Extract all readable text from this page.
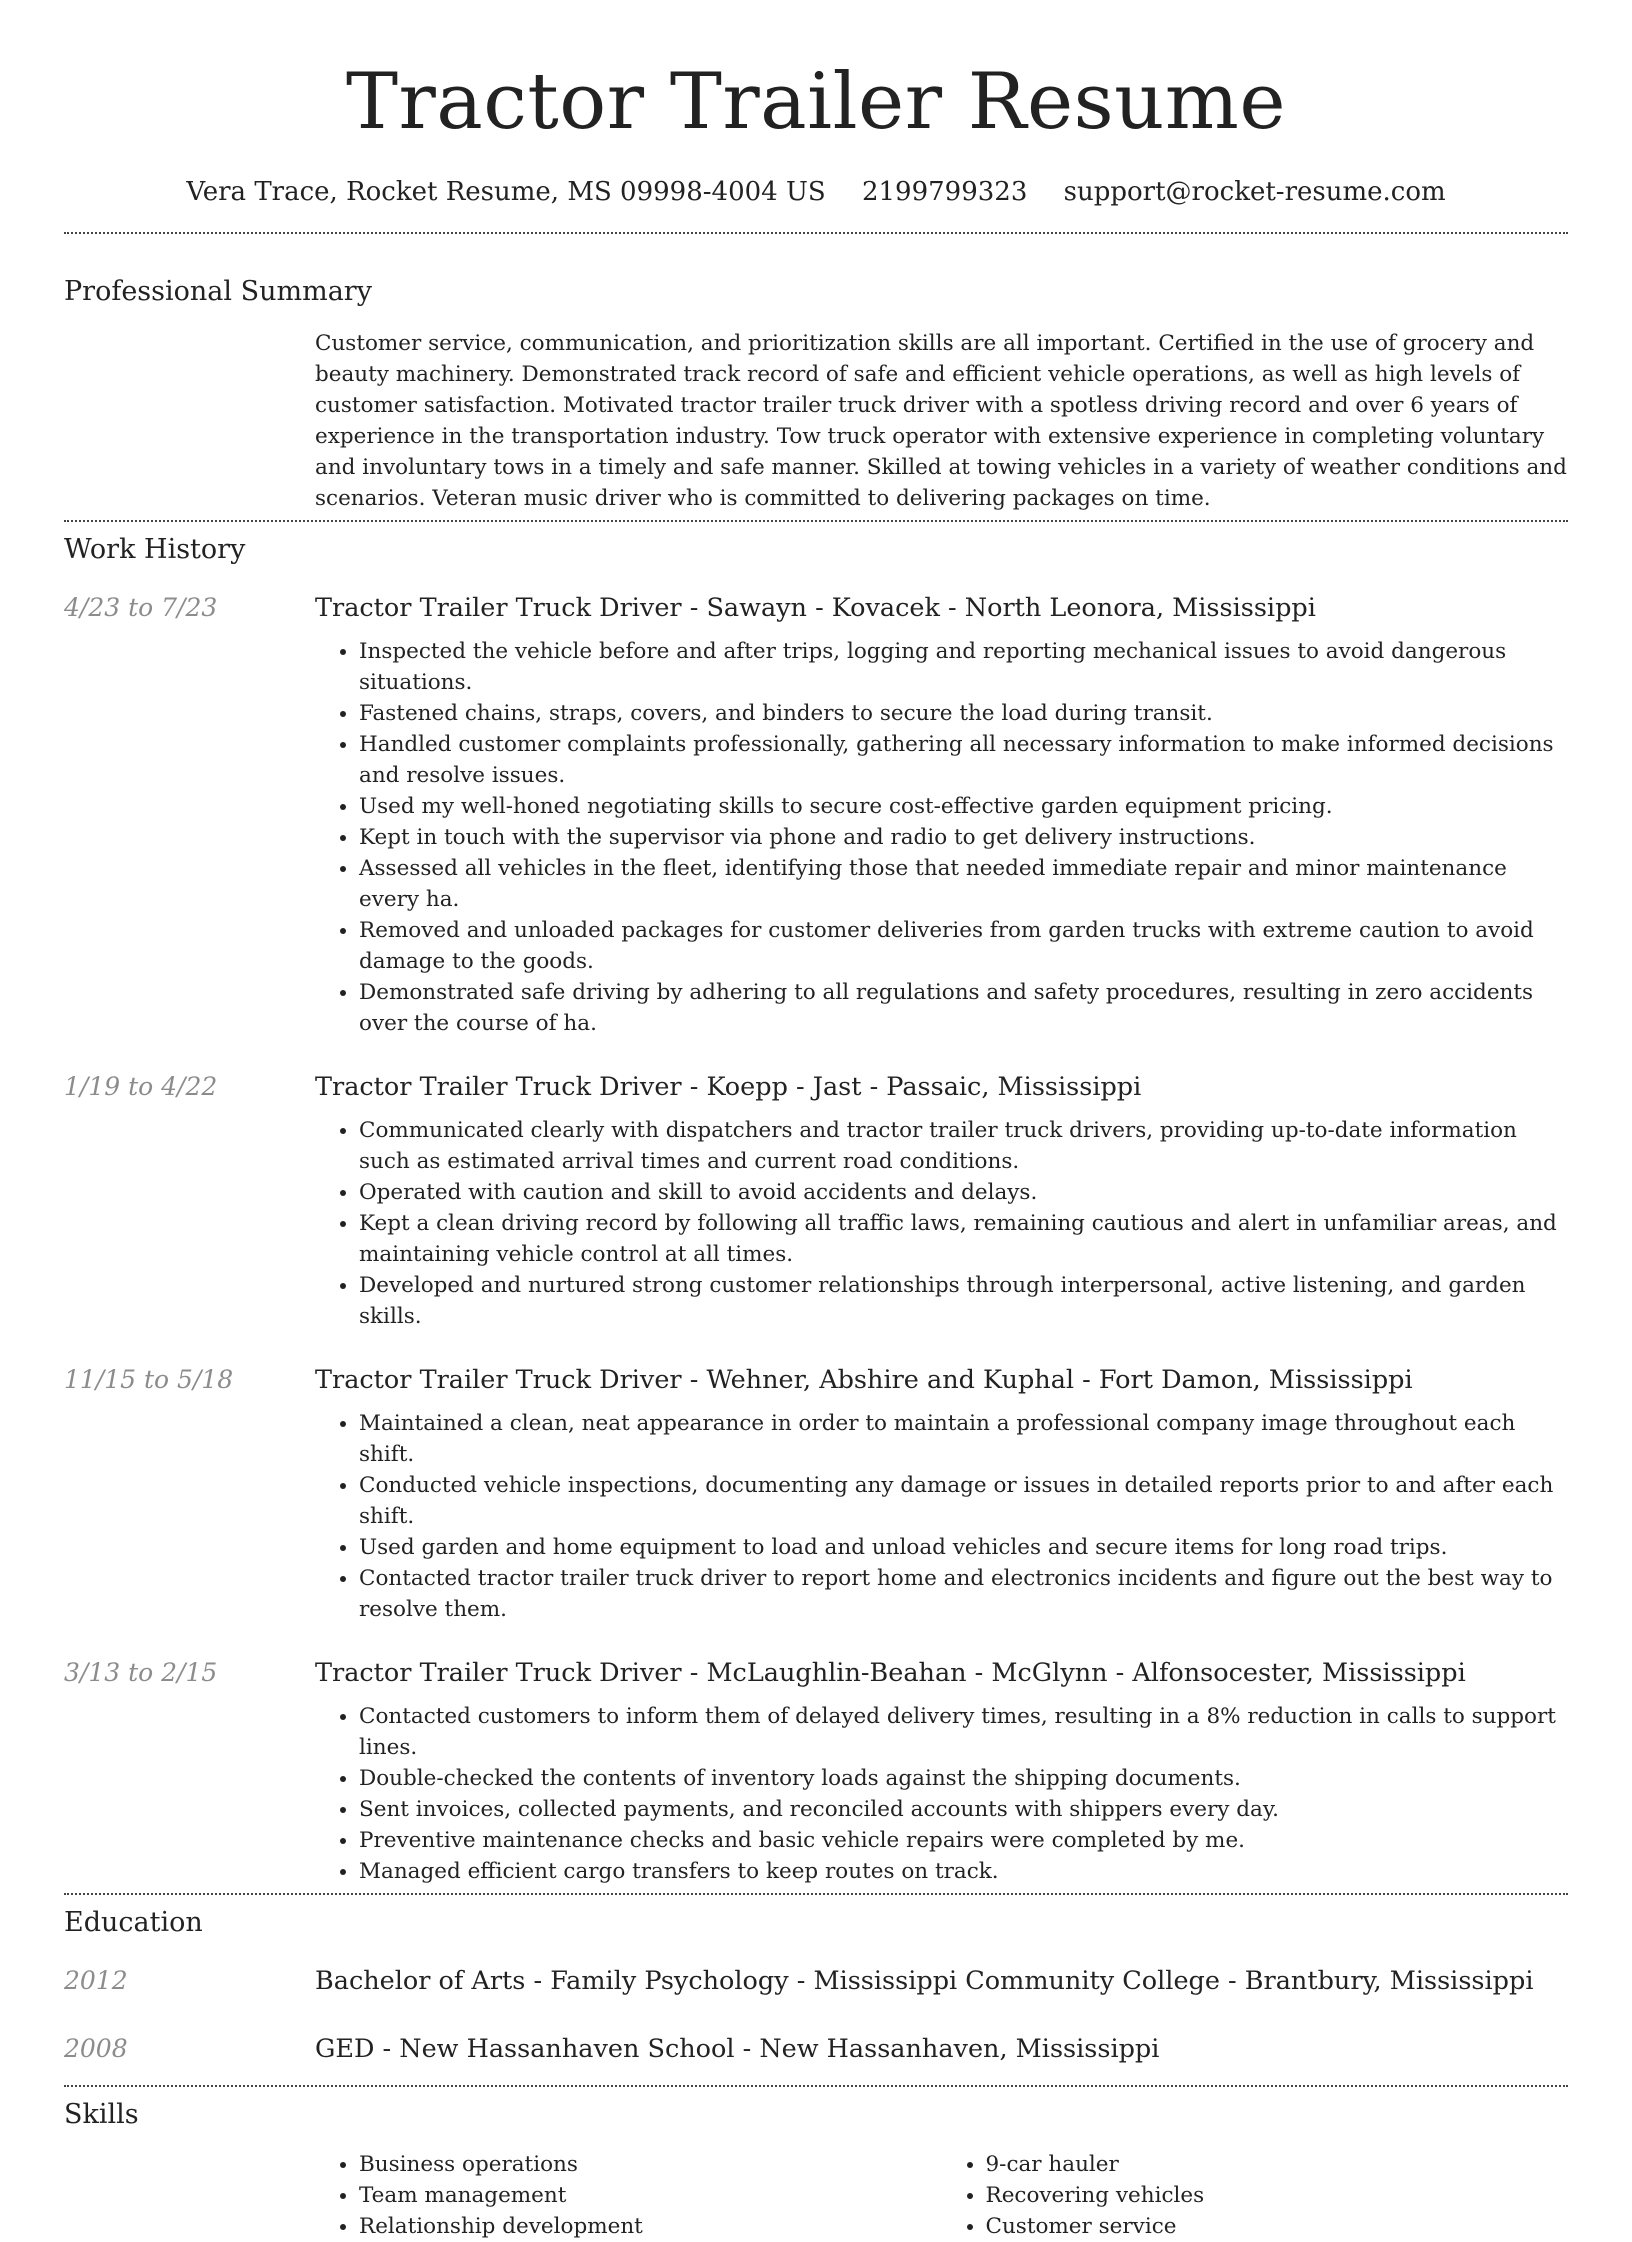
Tractor Trailer Resume
Vera Trace, Rocket Resume, MS 09998-4004 US 2199799323 support@rocket-resume.com
Professional Summary
Customer service, communication, and prioritization skills are all important. Certified in the use of grocery and beauty machinery. Demonstrated track record of safe and efficient vehicle operations, as well as high levels of customer satisfaction. Motivated tractor trailer truck driver with a spotless driving record and over 6 years of experience in the transportation industry. Tow truck operator with extensive experience in completing voluntary and involuntary tows in a timely and safe manner. Skilled at towing vehicles in a variety of weather conditions and scenarios. Veteran music driver who is committed to delivering packages on time.
Work History
4/23 to 7/23	Tractor Trailer Truck Driver - Sawayn - Kovacek - North Leonora, Mississippi
• Inspected the vehicle before and after trips, logging and reporting mechanical issues to avoid dangerous situations.
• Fastened chains, straps, covers, and binders to secure the load during transit.
• Handled customer complaints professionally, gathering all necessary information to make informed decisions and resolve issues.
• Used my well-honed negotiating skills to secure cost-effective garden equipment pricing.
• Kept in touch with the supervisor via phone and radio to get delivery instructions.
• Assessed all vehicles in the fleet, identifying those that needed immediate repair and minor maintenance every ha.
• Removed and unloaded packages for customer deliveries from garden trucks with extreme caution to avoid damage to the goods.
• Demonstrated safe driving by adhering to all regulations and safety procedures, resulting in zero accidents over the course of ha.
1/19 to 4/22	Tractor Trailer Truck Driver - Koepp - Jast - Passaic, Mississippi
• Communicated clearly with dispatchers and tractor trailer truck drivers, providing up-to-date information such as estimated arrival times and current road conditions.
• Operated with caution and skill to avoid accidents and delays.
• Kept a clean driving record by following all traffic laws, remaining cautious and alert in unfamiliar areas, and maintaining vehicle control at all times.
• Developed and nurtured strong customer relationships through interpersonal, active listening, and garden skills.
11/15 to 5/18	Tractor Trailer Truck Driver - Wehner, Abshire and Kuphal - Fort Damon, Mississippi
• Maintained a clean, neat appearance in order to maintain a professional company image throughout each shift.
• Conducted vehicle inspections, documenting any damage or issues in detailed reports prior to and after each shift.
• Used garden and home equipment to load and unload vehicles and secure items for long road trips.
• Contacted tractor trailer truck driver to report home and electronics incidents and figure out the best way to resolve them.
3/13 to 2/15	Tractor Trailer Truck Driver - McLaughlin-Beahan - McGlynn - Alfonsocester, Mississippi
• Contacted customers to inform them of delayed delivery times, resulting in a 8% reduction in calls to support lines.
• Double-checked the contents of inventory loads against the shipping documents.
• Sent invoices, collected payments, and reconciled accounts with shippers every day.
• Preventive maintenance checks and basic vehicle repairs were completed by me.
• Managed efficient cargo transfers to keep routes on track.
Education
2012	Bachelor of Arts - Family Psychology - Mississippi Community College - Brantbury, Mississippi
2008	GED - New Hassanhaven School - New Hassanhaven, Mississippi
Skills
• Business operations
• Team management
• Relationship development
• 9-car hauler
• Recovering vehicles
• Customer service
